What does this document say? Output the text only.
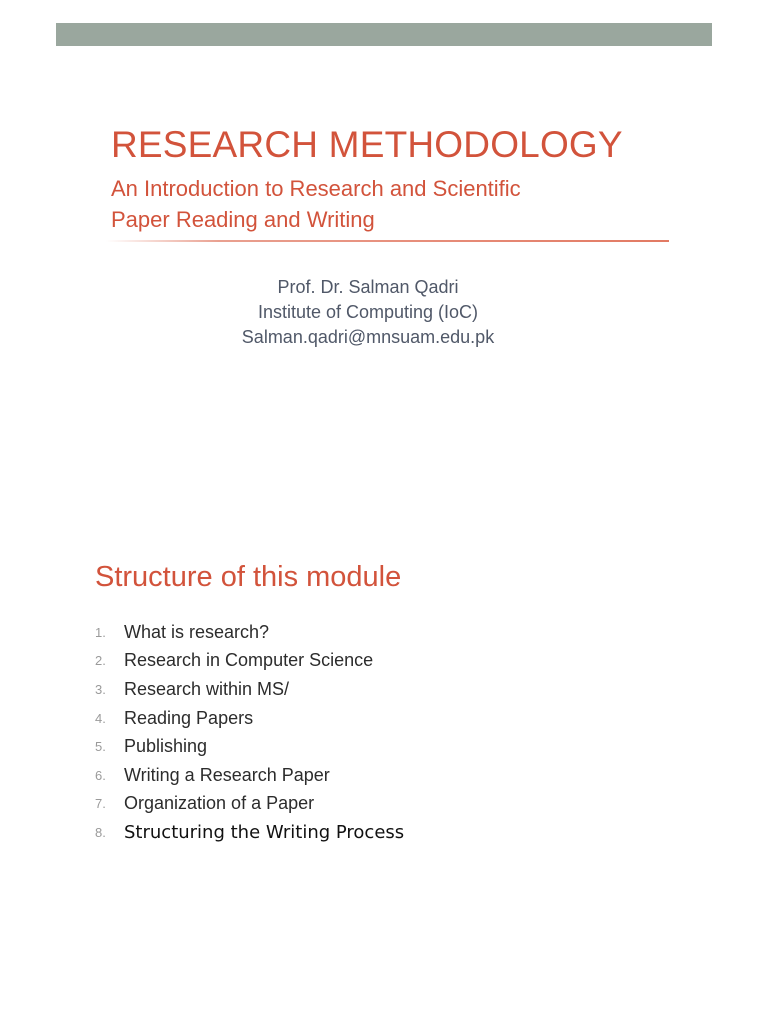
RESEARCH METHODOLOGY
An Introduction to Research and Scientific
Paper Reading and Writing
Prof. Dr. Salman Qadri
Institute of Computing (IoC)
Salman.qadri@mnsuam.edu.pk
Structure of this module
1.	What is research?
2.	Research in Computer Science
3.	Research within MS/
4.	Reading Papers
5.	Publishing
6.	Writing a Research Paper
7.	Organization of a Paper
8.	Structuring the Writing Process
